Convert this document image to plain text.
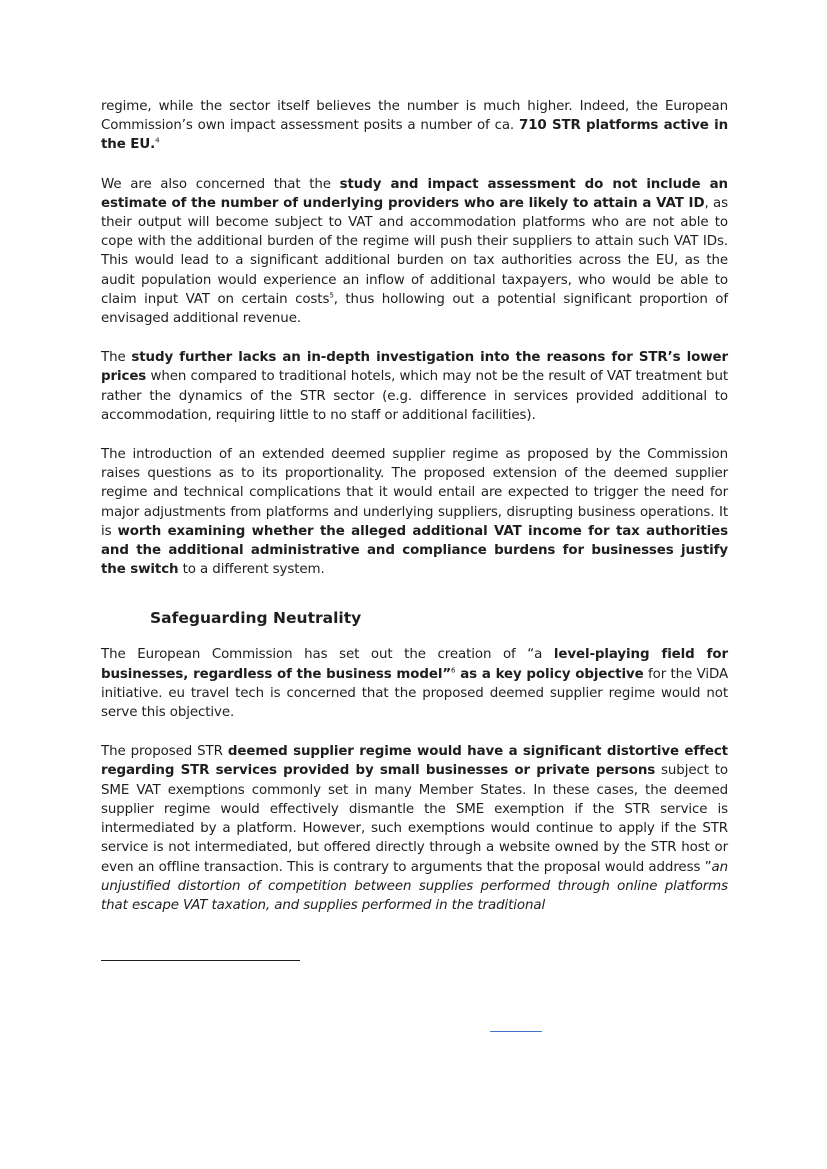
regime, while the sector itself believes the number is much higher. Indeed, the European Commission’s own impact assessment posits a number of ca. 710 STR platforms active in the EU.$^4$

We are also concerned that the study and impact assessment do not include an estimate of the number of underlying providers who are likely to attain a VAT ID, as their output will become subject to VAT and accommodation platforms who are not able to cope with the additional burden of the regime will push their suppliers to attain such VAT IDs. This would lead to a significant additional burden on tax authorities across the EU, as the audit population would experience an inflow of additional taxpayers, who would be able to claim input VAT on certain costs$^5$, thus hollowing out a potential significant proportion of envisaged additional revenue.

The study further lacks an in-depth investigation into the reasons for STR’s lower prices when compared to traditional hotels, which may not be the result of VAT treatment but rather the dynamics of the STR sector (e.g. difference in services provided additional to accommodation, requiring little to no staff or additional facilities).

The introduction of an extended deemed supplier regime as proposed by the Commission raises questions as to its proportionality. The proposed extension of the deemed supplier regime and technical complications that it would entail are expected to trigger the need for major adjustments from platforms and underlying suppliers, disrupting business operations. It is worth examining whether the alleged additional VAT income for tax authorities and the additional administrative and compliance burdens for businesses justify the switch to a different system.

Safeguarding Neutrality

The European Commission has set out the creation of “a level-playing field for businesses, regardless of the business model”$^6$ as a key policy objective for the ViDA initiative. eu travel tech is concerned that the proposed deemed supplier regime would not serve this objective.

The proposed STR deemed supplier regime would have a significant distortive effect regarding STR services provided by small businesses or private persons subject to SME VAT exemptions commonly set in many Member States. In these cases, the deemed supplier regime would effectively dismantle the SME exemption if the STR service is intermediated by a platform. However, such exemptions would continue to apply if the STR service is not intermediated, but offered directly through a website owned by the STR host or even an offline transaction. This is contrary to arguments that the proposal would address ”an unjustified distortion of competition between supplies performed through online platforms that escape VAT taxation, and supplies performed in the traditional
